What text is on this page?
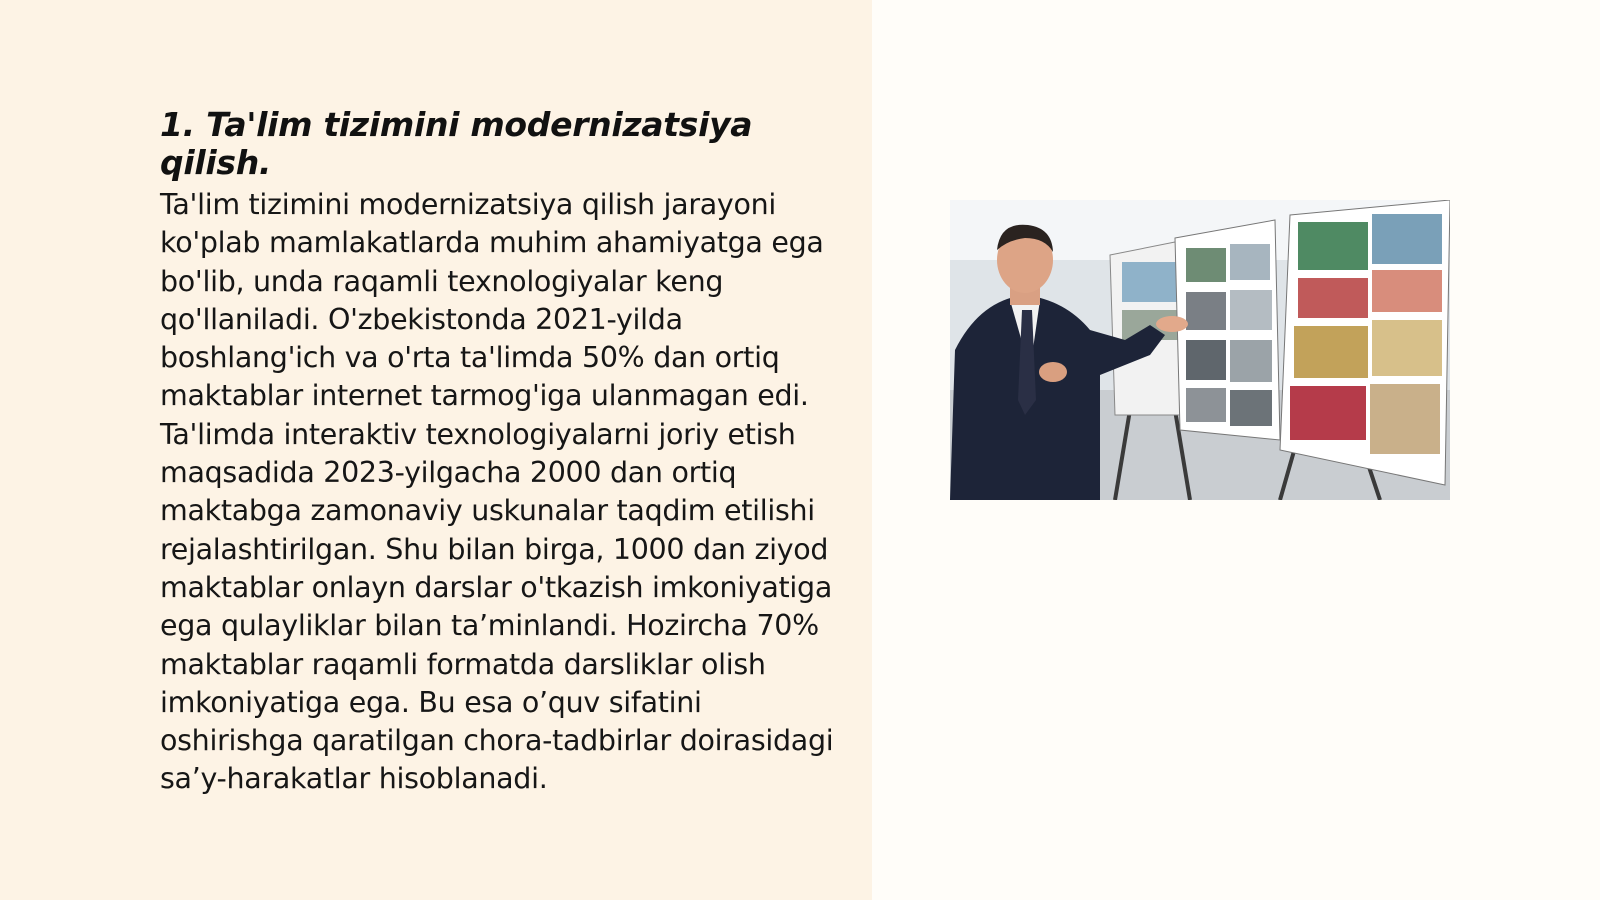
1. Ta'lim tizimini modernizatsiya qilish.

Ta'lim tizimini modernizatsiya qilish jarayoni ko'plab mamlakatlarda muhim ahamiyatga ega bo'lib, unda raqamli texnologiyalar keng qo'llaniladi. O'zbekistonda 2021-yilda boshlang'ich va o'rta ta'limda 50% dan ortiq maktablar internet tarmog'iga ulanmagan edi. Ta'limda interaktiv texnologiyalarni joriy etish maqsadida 2023-yilgacha 2000 dan ortiq maktabga zamonaviy uskunalar taqdim etilishi rejalashtirilgan. Shu bilan birga, 1000 dan ziyod maktablar onlayn darslar o'tkazish imkoniyatiga ega qulayliklar bilan ta’minlandi. Hozircha 70% maktablar raqamli formatda darsliklar olish imkoniyatiga ega. Bu esa o’quv sifatini oshirishga qaratilgan chora-tadbirlar doirasidagi sa’y-harakatlar hisoblanadi.
